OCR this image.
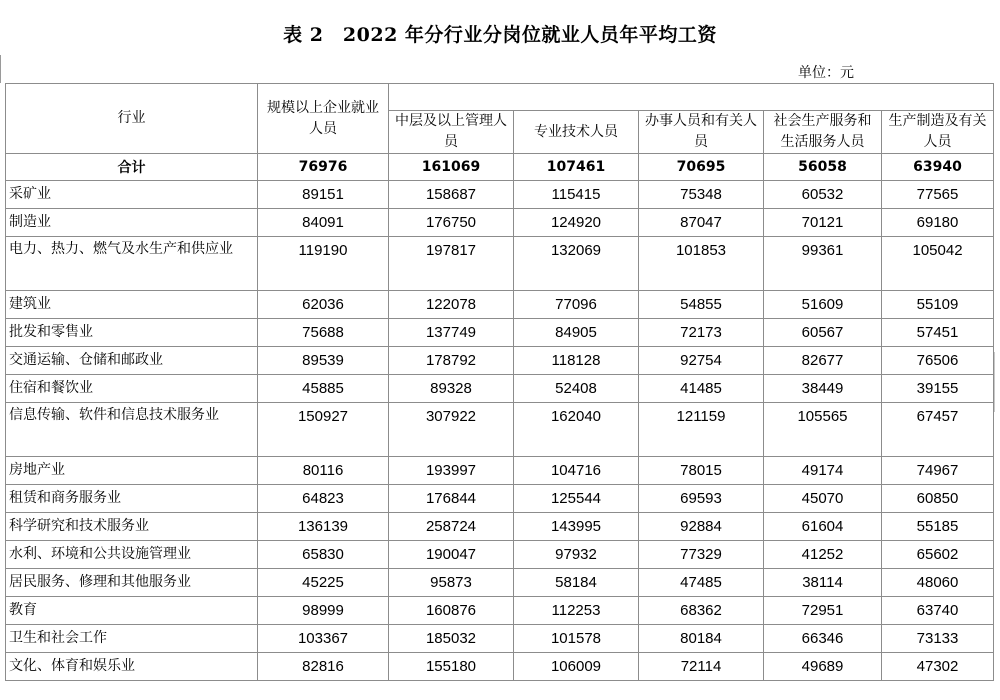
表 2　2022 年分行业分岗位就业人员年平均工资
单位：元
行业	规模以上企业就业人员					
		中层及以上管理人员	专业技术人员	办事人员和有关人员	社会生产服务和生活服务人员	生产制造及有关人员
合计	76976	161069	107461	70695	56058	63940
采矿业	89151	158687	115415	75348	60532	77565
制造业	84091	176750	124920	87047	70121	69180
电力、热力、燃气及水生产和供应业	119190	197817	132069	101853	99361	105042
建筑业	62036	122078	77096	54855	51609	55109
批发和零售业	75688	137749	84905	72173	60567	57451
交通运输、仓储和邮政业	89539	178792	118128	92754	82677	76506
住宿和餐饮业	45885	89328	52408	41485	38449	39155
信息传输、软件和信息技术服务业	150927	307922	162040	121159	105565	67457
房地产业	80116	193997	104716	78015	49174	74967
租赁和商务服务业	64823	176844	125544	69593	45070	60850
科学研究和技术服务业	136139	258724	143995	92884	61604	55185
水利、环境和公共设施管理业	65830	190047	97932	77329	41252	65602
居民服务、修理和其他服务业	45225	95873	58184	47485	38114	48060
教育	98999	160876	112253	68362	72951	63740
卫生和社会工作	103367	185032	101578	80184	66346	73133
文化、体育和娱乐业	82816	155180	106009	72114	49689	47302
